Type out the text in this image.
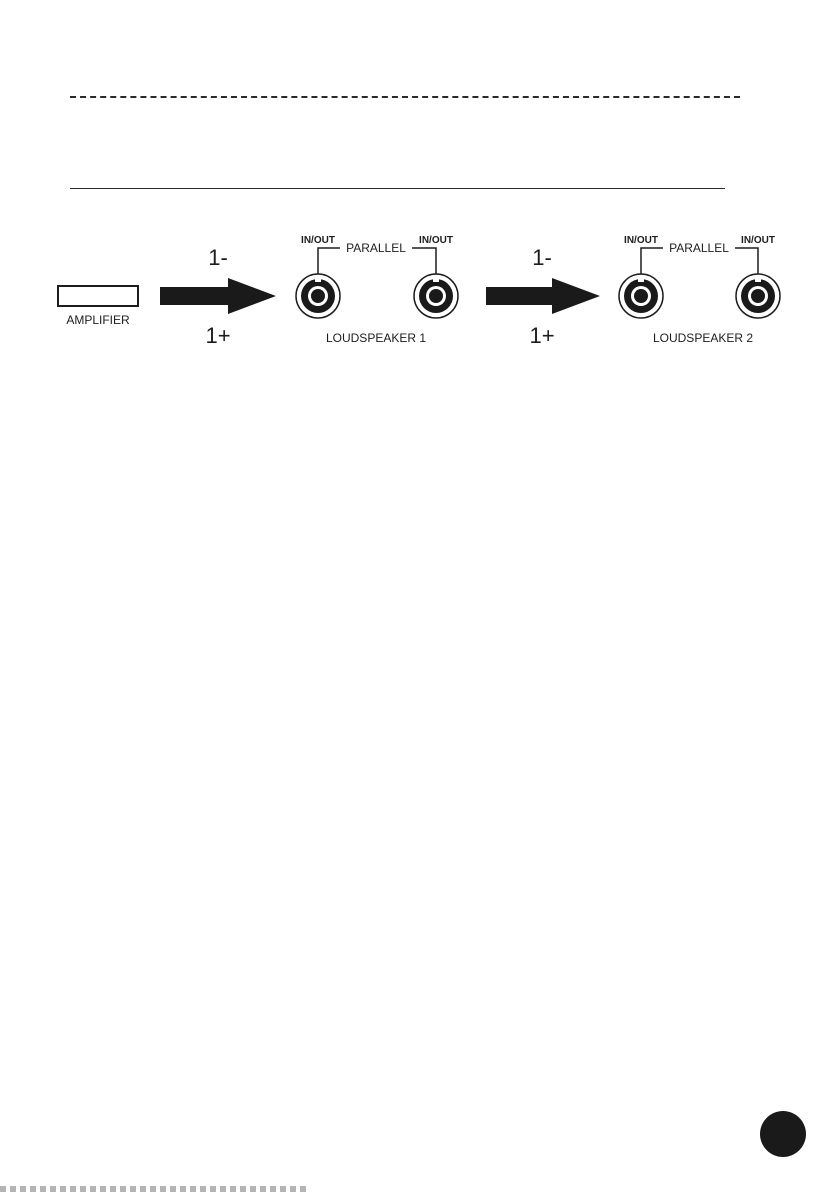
AMPLIFIER
1-
1+
IN/OUT	IN/OUT
PARALLEL
LOUDSPEAKER 1
1-
1+
IN/OUT	IN/OUT
PARALLEL
LOUDSPEAKER 2
